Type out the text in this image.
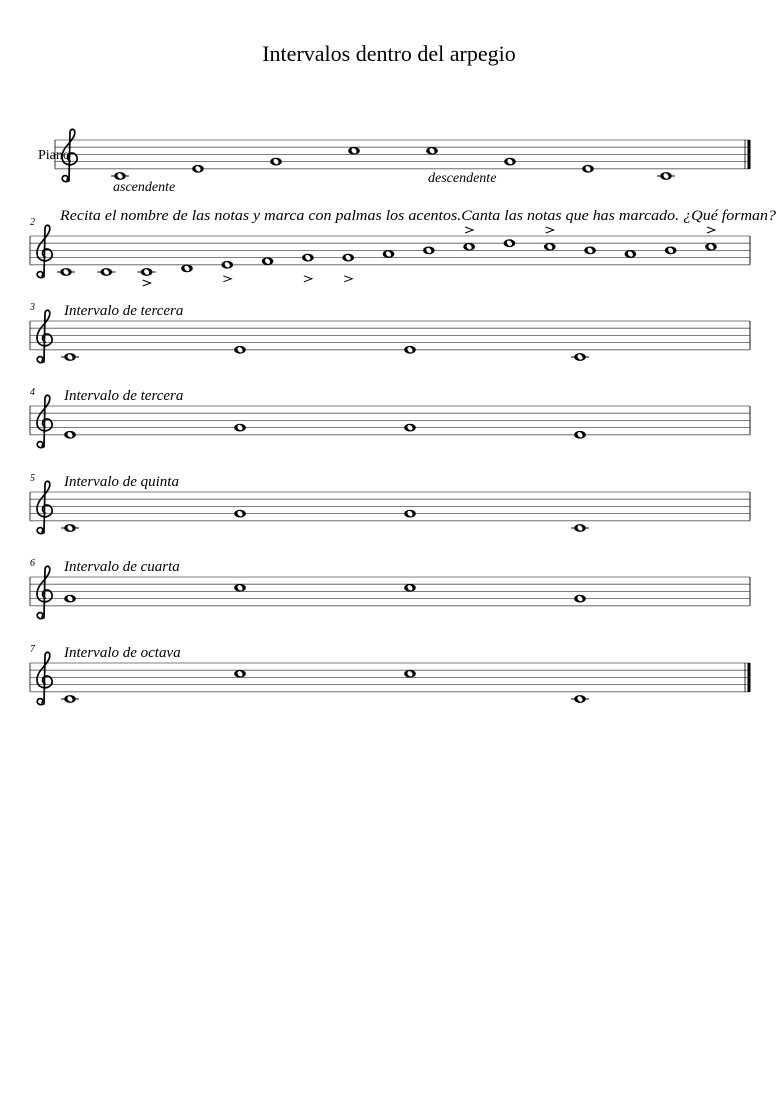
Intervalos dentro del arpegio
Piano
ascendente
descendente
2 Recita el nombre de las notas y marca con palmas los acentos.Canta las notas que has marcado. ¿Qué forman?
3 Intervalo de tercera
4 Intervalo de tercera
5 Intervalo de quinta
6 Intervalo de cuarta
7 Intervalo de octava
